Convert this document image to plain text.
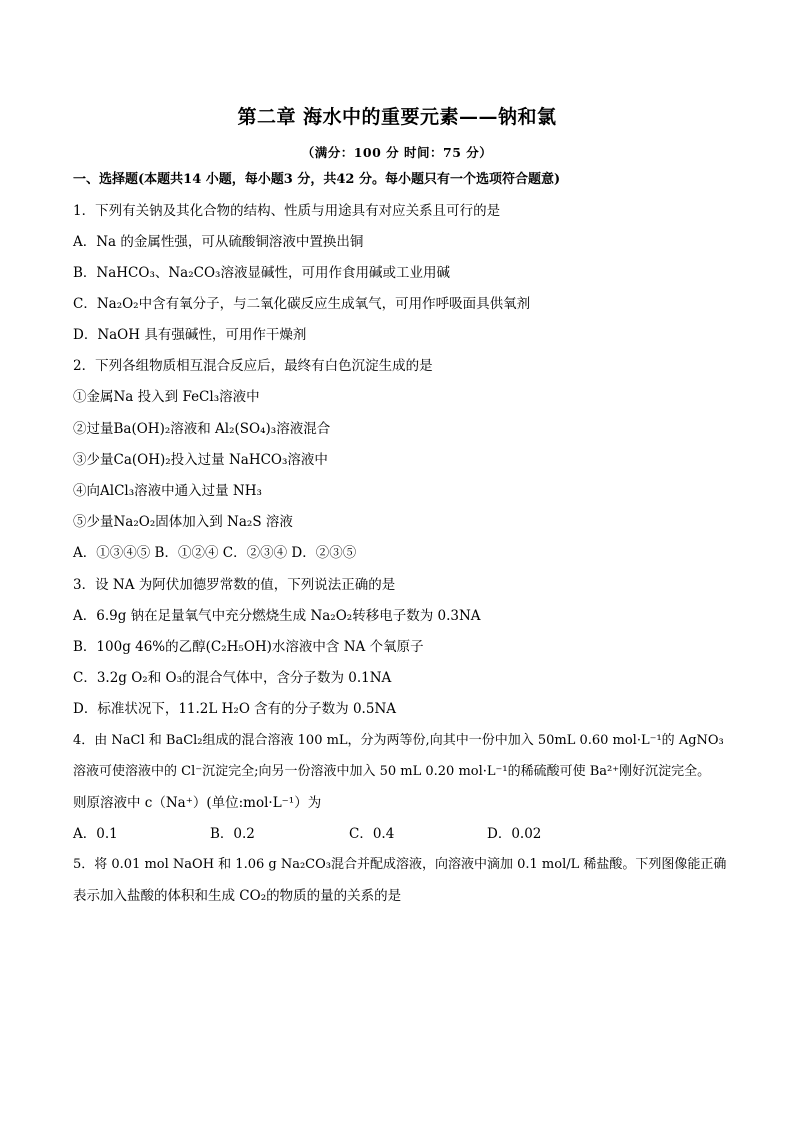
第二章 海水中的重要元素——钠和氯
（满分：100 分 时间：75 分）
一、选择题(本题共14 小题，每小题3 分，共42 分。每小题只有一个选项符合题意)
1．下列有关钠及其化合物的结构、性质与用途具有对应关系且可行的是
A．Na 的金属性强，可从硫酸铜溶液中置换出铜
B．NaHCO₃、Na₂CO₃溶液显碱性，可用作食用碱或工业用碱
C．Na₂O₂中含有氧分子，与二氧化碳反应生成氧气，可用作呼吸面具供氧剂
D．NaOH 具有强碱性，可用作干燥剂
2．下列各组物质相互混合反应后，最终有白色沉淀生成的是
①金属Na 投入到 FeCl₃溶液中
②过量Ba(OH)₂溶液和 Al₂(SO₄)₃溶液混合
③少量Ca(OH)₂投入过量 NaHCO₃溶液中
④向AlCl₃溶液中通入过量 NH₃
⑤少量Na₂O₂固体加入到 Na₂S 溶液
A．①③④⑤ B．①②④ C．②③④ D．②③⑤
3．设 NA 为阿伏加德罗常数的值，下列说法正确的是
A．6.9g 钠在足量氧气中充分燃烧生成 Na₂O₂转移电子数为 0.3NA
B．100g 46%的乙醇(C₂H₅OH)水溶液中含 NA 个氧原子
C．3.2g O₂和 O₃的混合气体中，含分子数为 0.1NA
D．标准状况下，11.2L H₂O 含有的分子数为 0.5NA
4．由 NaCl 和 BaCl₂组成的混合溶液 100 mL，分为两等份,向其中一份中加入 50mL 0.60 mol·L⁻¹的 AgNO₃
溶液可使溶液中的 Cl⁻沉淀完全;向另一份溶液中加入 50 mL 0.20 mol·L⁻¹的稀硫酸可使 Ba²⁺刚好沉淀完全。
则原溶液中 c（Na⁺）(单位:mol·L⁻¹）为
A．0.1	B．0.2	C．0.4	D．0.02
5．将 0.01 mol NaOH 和 1.06 g Na₂CO₃混合并配成溶液，向溶液中滴加 0.1 mol/L 稀盐酸。下列图像能正确
表示加入盐酸的体积和生成 CO₂的物质的量的关系的是
